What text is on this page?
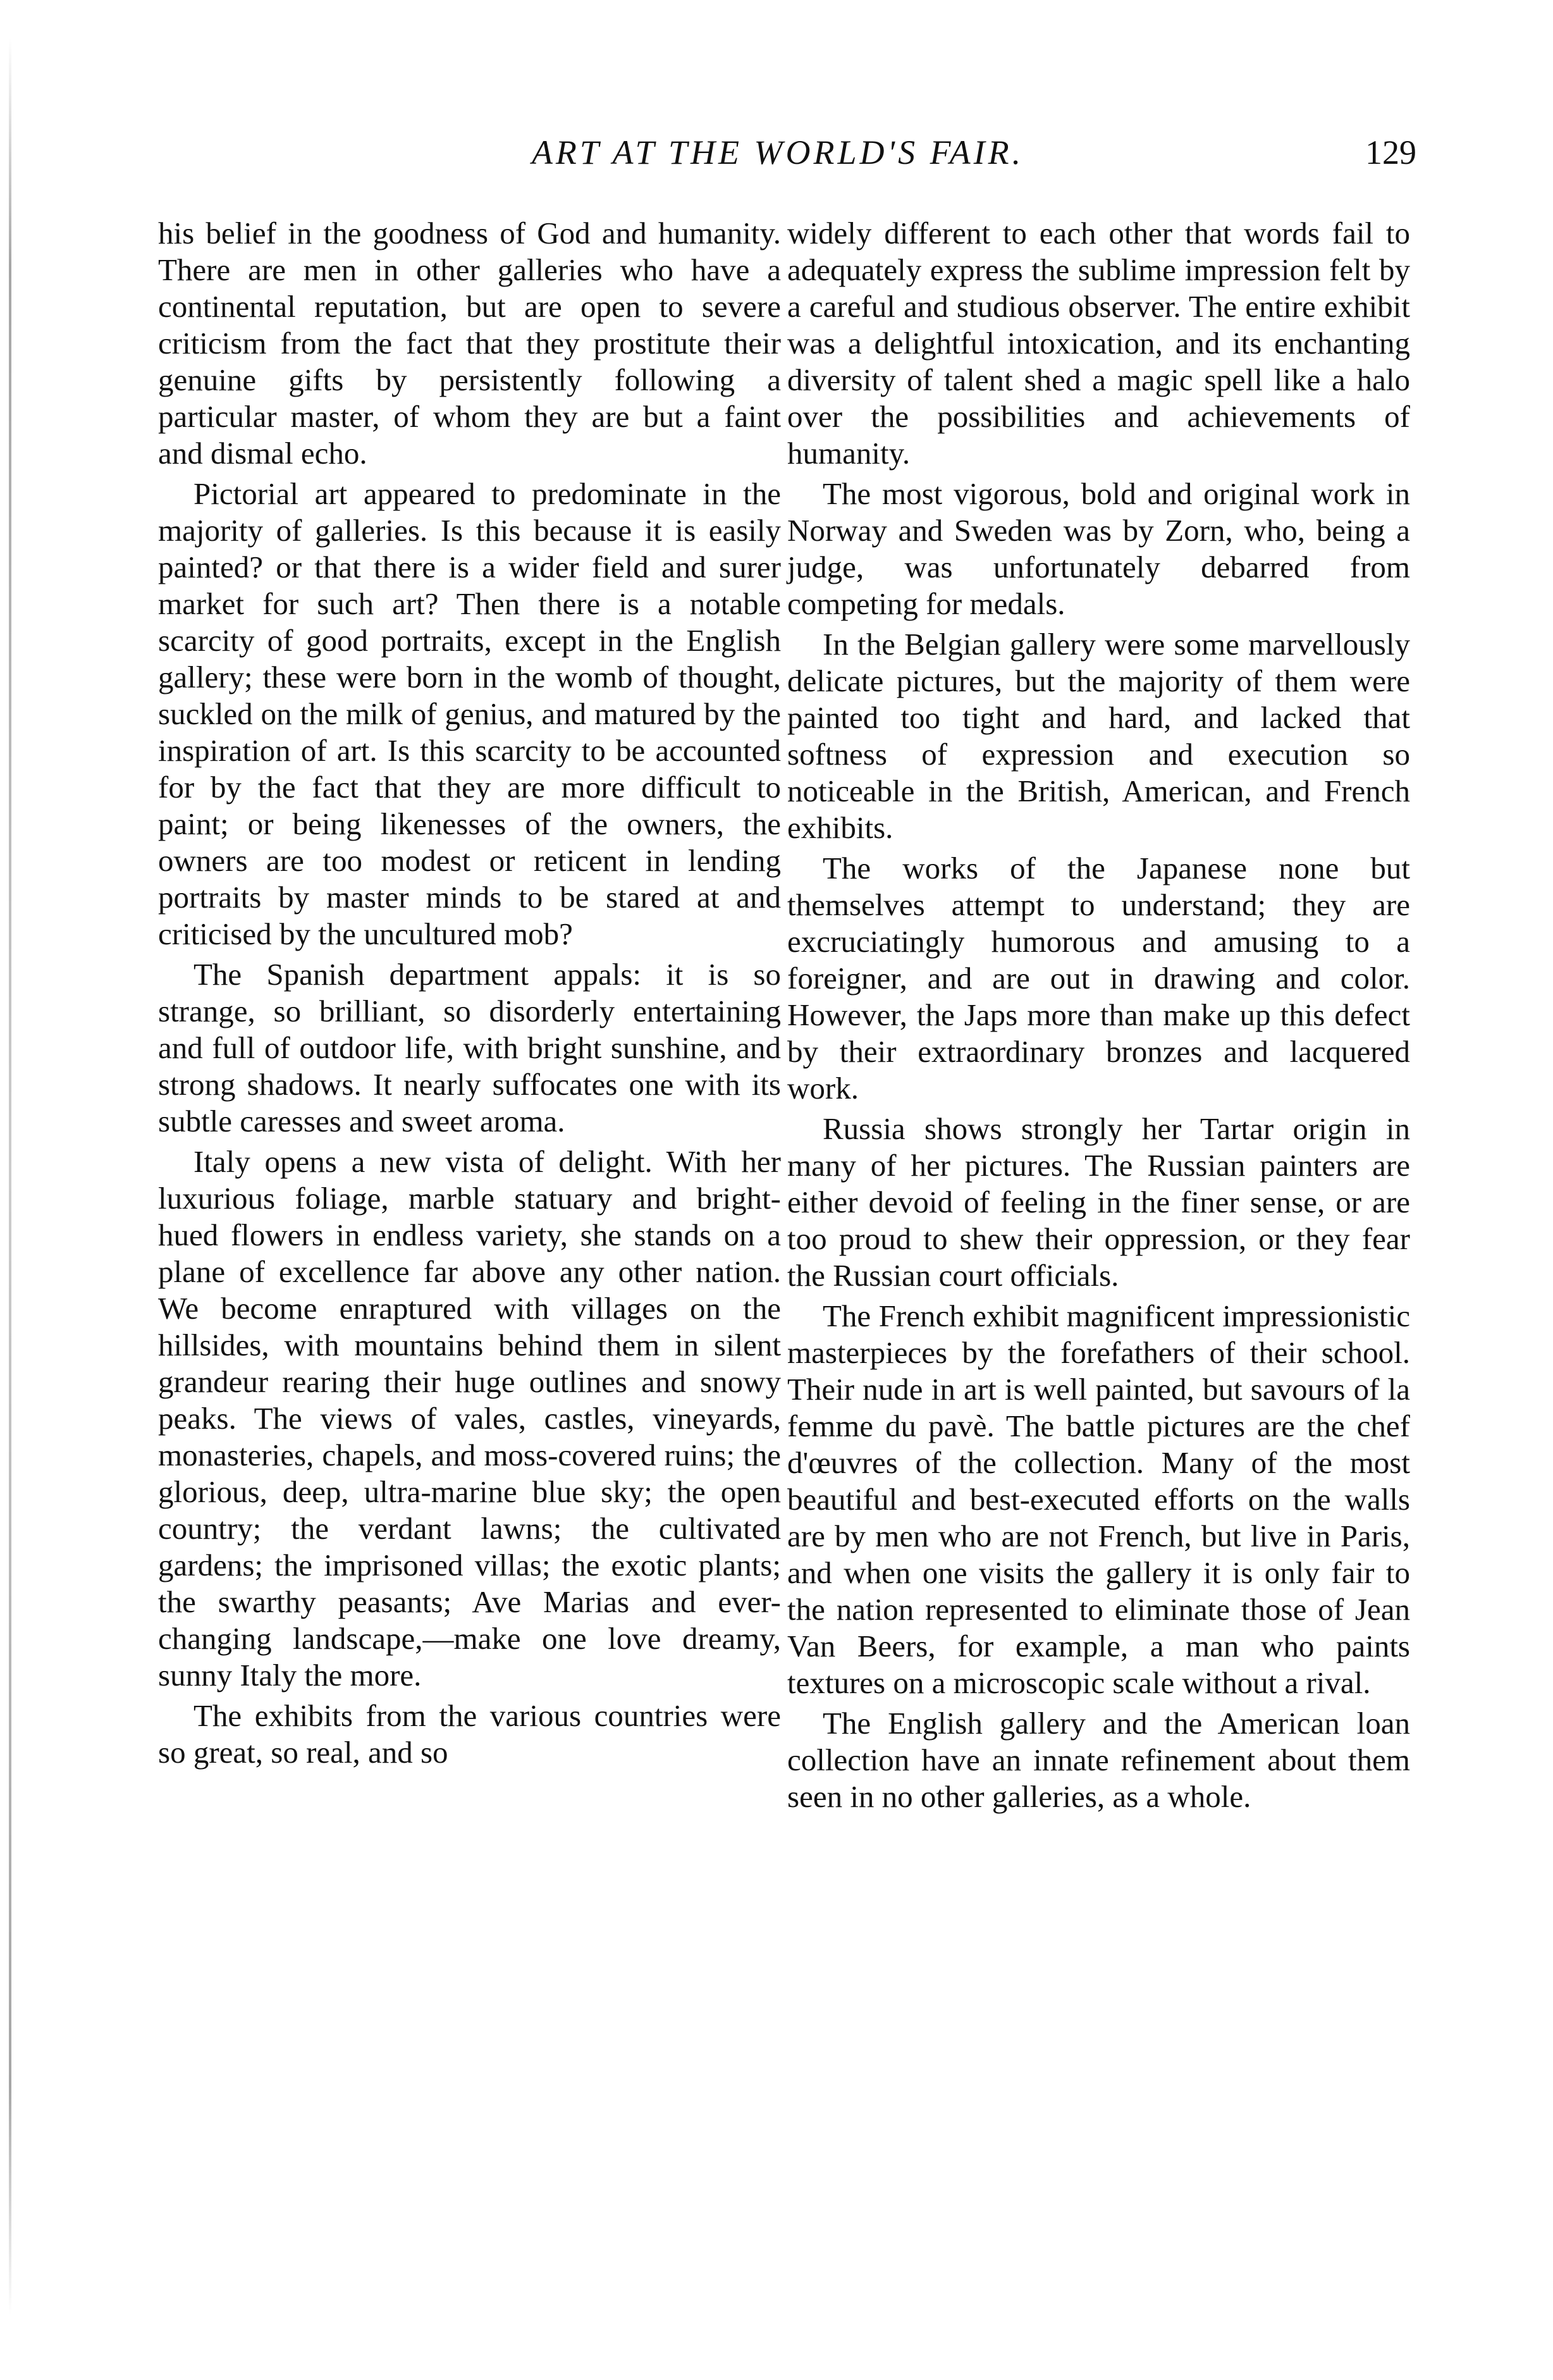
ART AT THE WORLD'S FAIR.	129

his belief in the goodness of God and humanity. There are men in other galleries who have a continental reputation, but are open to severe criticism from the fact that they prostitute their genuine gifts by persistently following a particular master, of whom they are but a faint and dismal echo.

Pictorial art appeared to predominate in the majority of galleries. Is this because it is easily painted? or that there is a wider field and surer market for such art? Then there is a notable scarcity of good portraits, except in the English gallery; these were born in the womb of thought, suckled on the milk of genius, and matured by the inspiration of art. Is this scarcity to be accounted for by the fact that they are more difficult to paint; or being likenesses of the owners, the owners are too modest or reticent in lending portraits by master minds to be stared at and criticised by the uncultured mob?

The Spanish department appals: it is so strange, so brilliant, so disorderly entertaining and full of outdoor life, with bright sunshine, and strong shadows. It nearly suffocates one with its subtle caresses and sweet aroma.

Italy opens a new vista of delight. With her luxurious foliage, marble statuary and bright-hued flowers in endless variety, she stands on a plane of excellence far above any other nation. We become enraptured with villages on the hillsides, with mountains behind them in silent grandeur rearing their huge outlines and snowy peaks. The views of vales, castles, vineyards, monasteries, chapels, and moss-covered ruins; the glorious, deep, ultra-marine blue sky; the open country; the verdant lawns; the cultivated gardens; the imprisoned villas; the exotic plants; the swarthy peasants; Ave Marias and ever-changing landscape,—make one love dreamy, sunny Italy the more.

The exhibits from the various countries were so great, so real, and so

widely different to each other that words fail to adequately express the sublime impression felt by a careful and studious observer. The entire exhibit was a delightful intoxication, and its enchanting diversity of talent shed a magic spell like a halo over the possibilities and achievements of humanity.

The most vigorous, bold and original work in Norway and Sweden was by Zorn, who, being a judge, was unfortunately debarred from competing for medals.

In the Belgian gallery were some marvellously delicate pictures, but the majority of them were painted too tight and hard, and lacked that softness of expression and execution so noticeable in the British, American, and French exhibits.

The works of the Japanese none but themselves attempt to understand; they are excruciatingly humorous and amusing to a foreigner, and are out in drawing and color. However, the Japs more than make up this defect by their extraordinary bronzes and lacquered work.

Russia shows strongly her Tartar origin in many of her pictures. The Russian painters are either devoid of feeling in the finer sense, or are too proud to shew their oppression, or they fear the Russian court officials.

The French exhibit magnificent impressionistic masterpieces by the forefathers of their school. Their nude in art is well painted, but savours of la femme du pavè. The battle pictures are the chef d'œuvres of the collection. Many of the most beautiful and best-executed efforts on the walls are by men who are not French, but live in Paris, and when one visits the gallery it is only fair to the nation represented to eliminate those of Jean Van Beers, for example, a man who paints textures on a microscopic scale without a rival.

The English gallery and the American loan collection have an innate refinement about them seen in no other galleries, as a whole.
